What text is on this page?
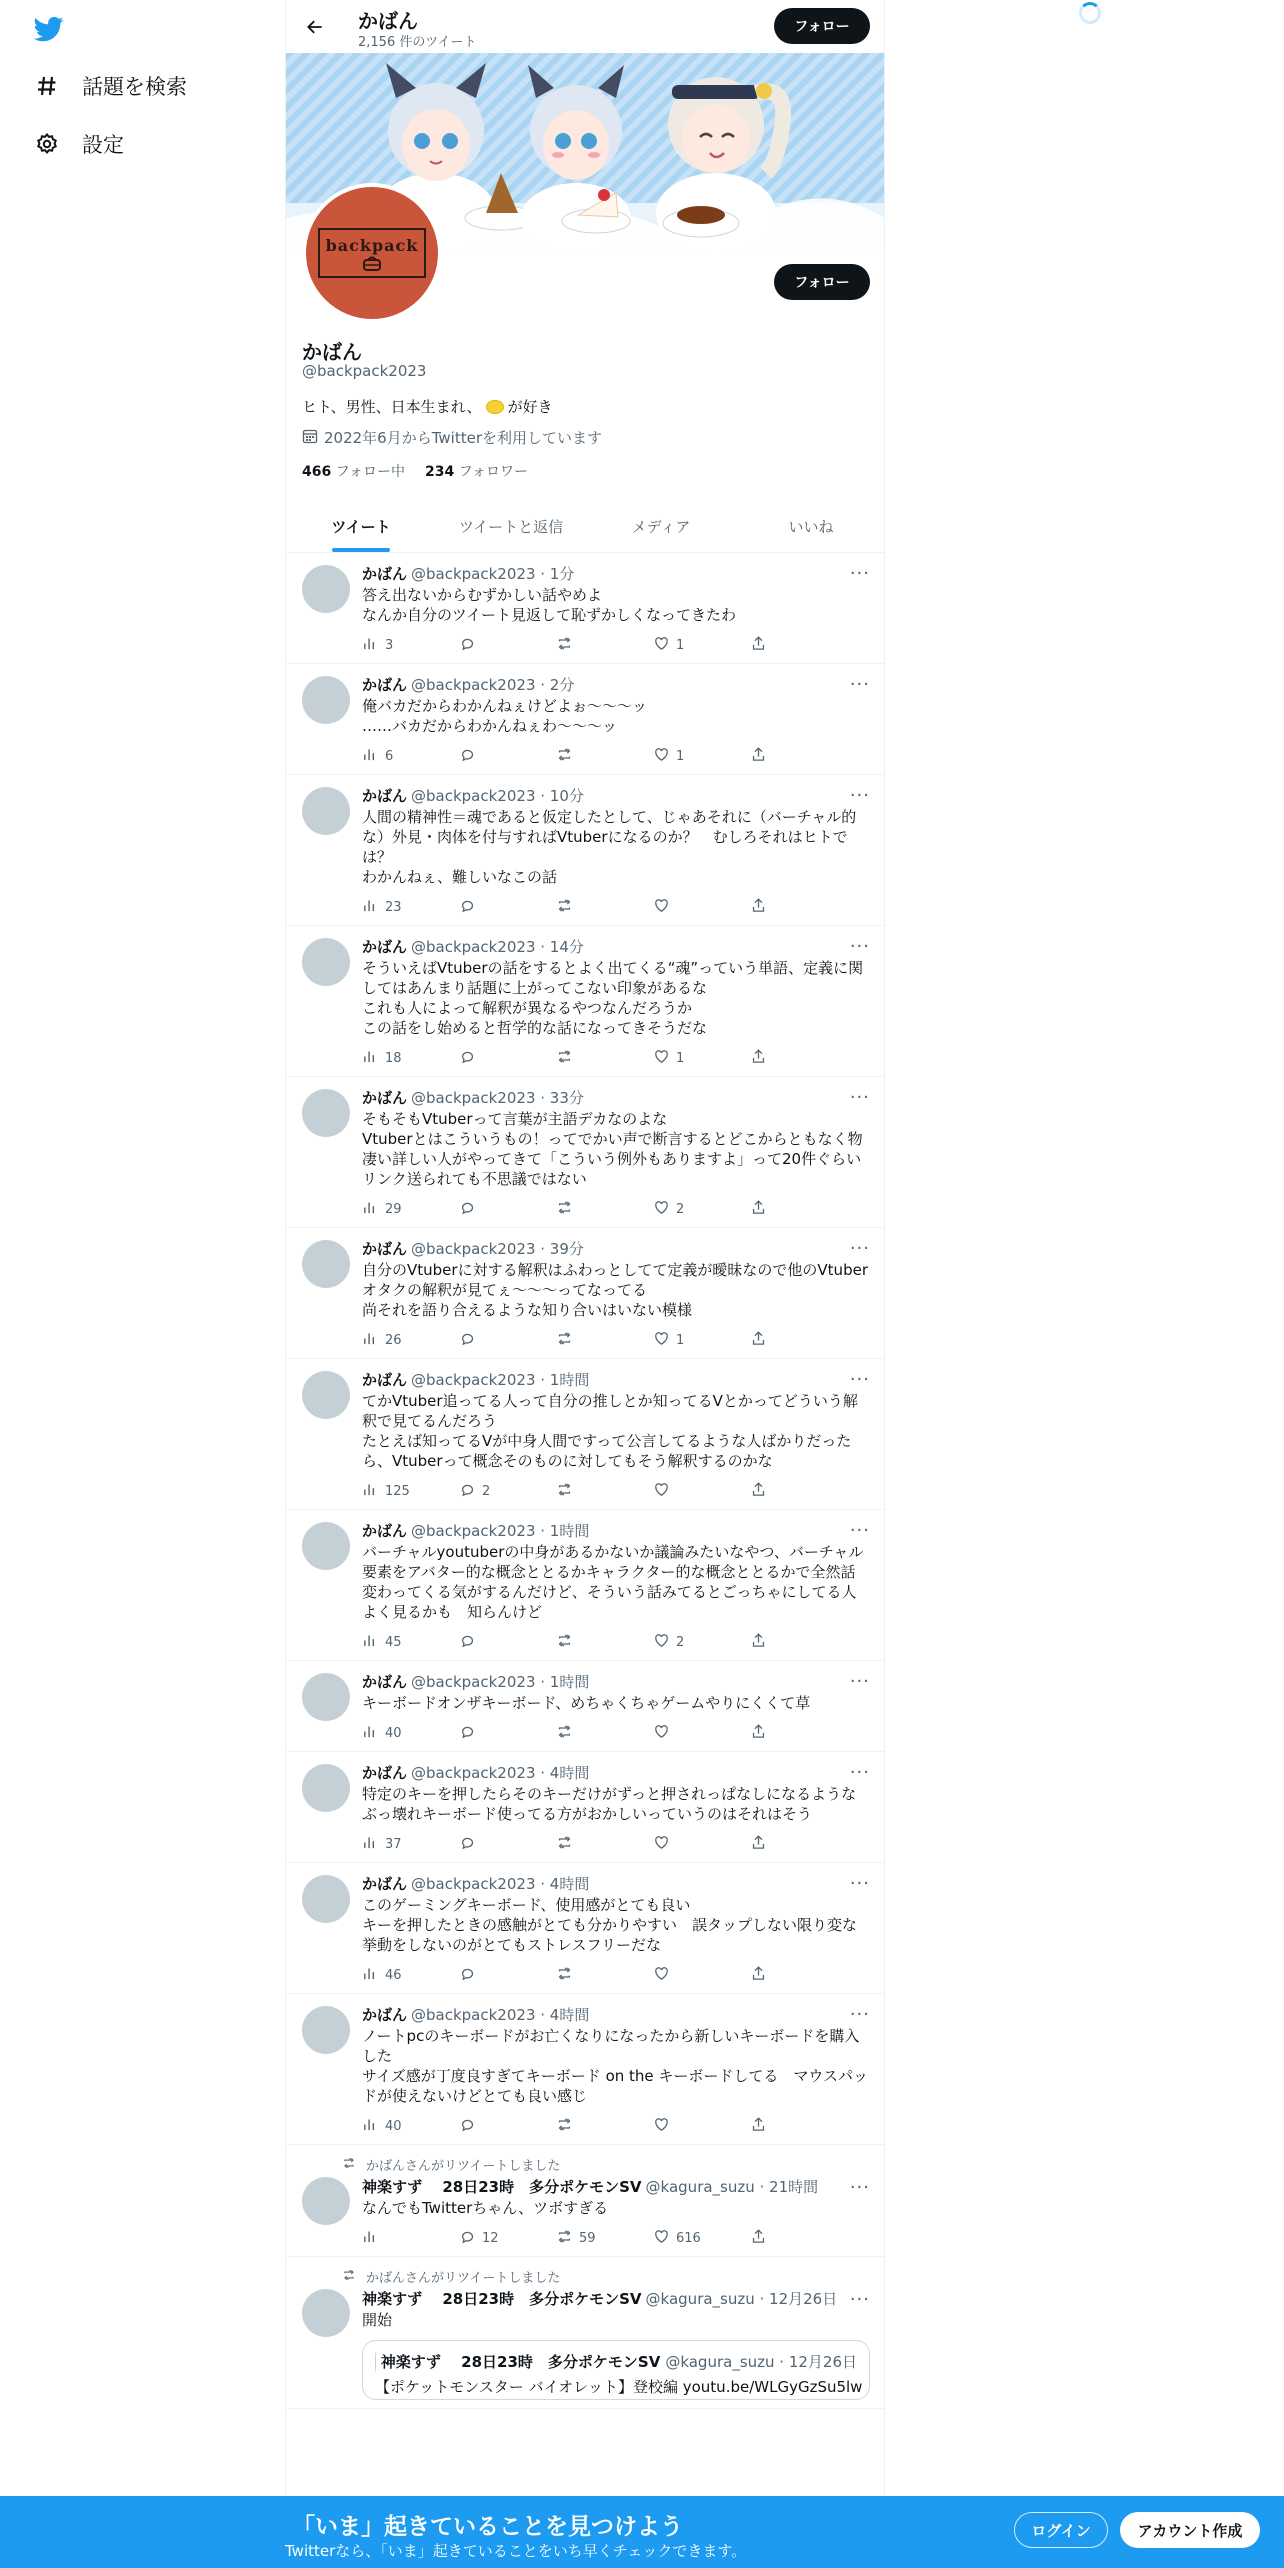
話題を検索
設定
かばん
2,156 件のツイート
フォロー
backpack
フォロー
かばん
@backpack2023
ヒト、男性、日本生まれ、 が好き
2022年6月からTwitterを利用しています
466 フォロー中 234 フォロワー
ツイート	ツイートと返信	メディア	いいね
かばん @backpack2023 · 1分	···
答え出ないからむずかしい話やめよ
なんか自分のツイート見返して恥ずかしくなってきたわ
3	1
かばん @backpack2023 · 2分	···
俺バカだからわかんねぇけどよぉ～～～ッ
……バカだからわかんねぇわ～～～ッ
6	1
かばん @backpack2023 · 10分	···
人間の精神性＝魂であると仮定したとして、じゃあそれに（バーチャル的な）外見・肉体を付与すればVtuberになるのか？　むしろそれはヒトでは？
わかんねぇ、難しいなこの話
23
かばん @backpack2023 · 14分	···
そういえばVtuberの話をするとよく出てくる“魂”っていう単語、定義に関してはあんまり話題に上がってこない印象があるな
これも人によって解釈が異なるやつなんだろうか
この話をし始めると哲学的な話になってきそうだな
18	1
かばん @backpack2023 · 33分	···
そもそもVtuberって言葉が主語デカなのよな
Vtuberとはこういうもの！ってでかい声で断言するとどこからともなく物凄い詳しい人がやってきて「こういう例外もありますよ」って20件ぐらいリンク送られても不思議ではない
29	2
かばん @backpack2023 · 39分	···
自分のVtuberに対する解釈はふわっとしてて定義が曖昧なので他のVtuberオタクの解釈が見てぇ～～～ってなってる
尚それを語り合えるような知り合いはいない模様
26	1
かばん @backpack2023 · 1時間	···
てかVtuber追ってる人って自分の推しとか知ってるVとかってどういう解釈で見てるんだろう
たとえば知ってるVが中身人間ですって公言してるような人ばかりだったら、Vtuberって概念そのものに対してもそう解釈するのかな
125	2
かばん @backpack2023 · 1時間	···
バーチャルyoutuberの中身があるかないか議論みたいなやつ、バーチャル要素をアバター的な概念ととるかキャラクター的な概念ととるかで全然話変わってくる気がするんだけど、そういう話みてるとごっちゃにしてる人よく見るかも　知らんけど
45	2
かばん @backpack2023 · 1時間	···
キーボードオンザキーボード、めちゃくちゃゲームやりにくくて草
40
かばん @backpack2023 · 4時間	···
特定のキーを押したらそのキーだけがずっと押されっぱなしになるようなぶっ壊れキーボード使ってる方がおかしいっていうのはそれはそう
37
かばん @backpack2023 · 4時間	···
このゲーミングキーボード、使用感がとても良い
キーを押したときの感触がとても分かりやすい　誤タップしない限り変な挙動をしないのがとてもストレスフリーだな
46
かばん @backpack2023 · 4時間	···
ノートpcのキーボードがお亡くなりになったから新しいキーボードを購入した
サイズ感が丁度良すぎてキーボード on the キーボードしてる　マウスパッドが使えないけどとても良い感じ
40
かばんさんがリツイートしました
神楽すず　 28日23時　多分ポケモンSV @kagura_suzu · 21時間 ···
なんでもTwitterちゃん、ツボすぎる
12	59	616
かばんさんがリツイートしました
神楽すず　 28日23時　多分ポケモンSV @kagura_suzu · 12月26日 ···
開始
神楽すず　 28日23時　多分ポケモンSV @kagura_suzu · 12月26日
【ポケットモンスター バイオレット】登校編 youtu.be/WLGyGzSu5lw
「いま」起きていることを見つけよう
Twitterなら、「いま」起きていることをいち早くチェックできます。
ログイン	アカウント作成
